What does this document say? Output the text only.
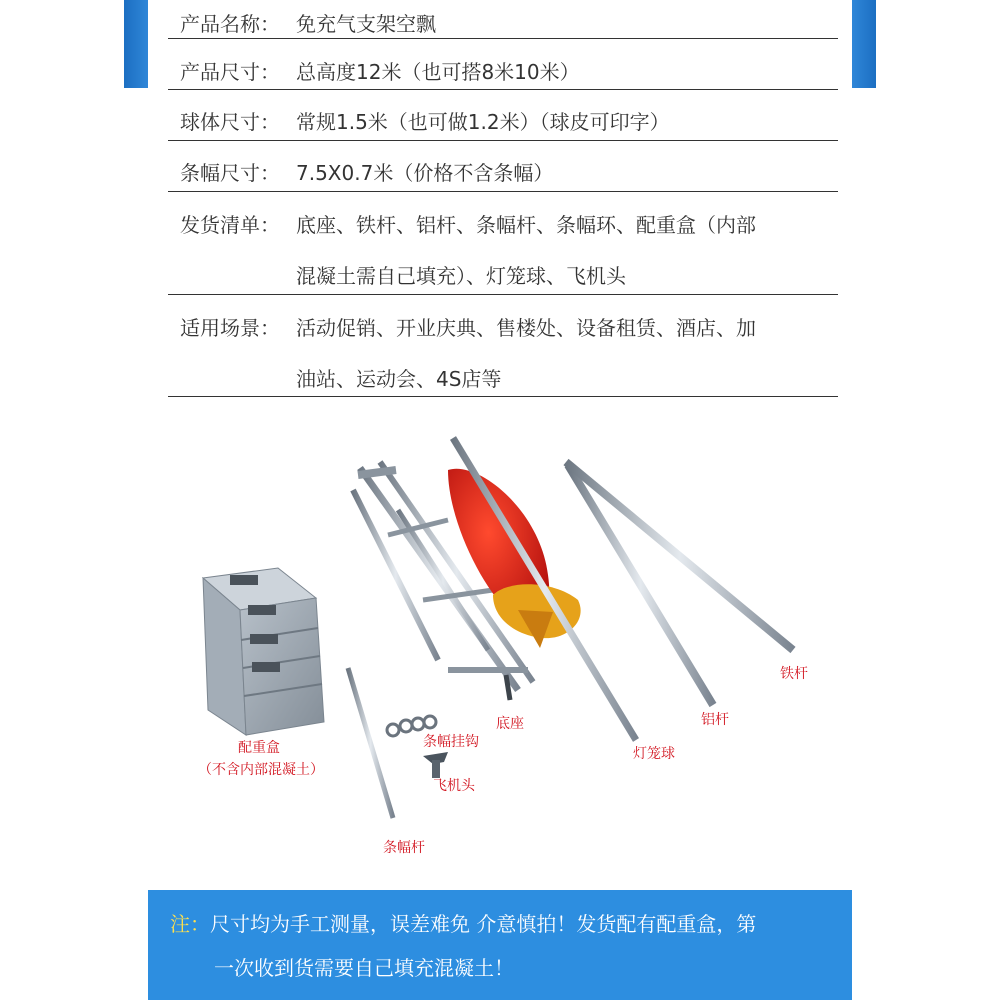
产品名称： 免充气支架空飘
产品尺寸： 总高度12米（也可搭8米10米）
球体尺寸： 常规1.5米（也可做1.2米）（球皮可印字）
条幅尺寸： 7.5X0.7米（价格不含条幅）
发货清单： 底座、铁杆、铝杆、条幅杆、条幅环、配重盒（内部
混凝土需自己填充）、灯笼球、飞机头
适用场景： 活动促销、开业庆典、售楼处、设备租赁、酒店、加
油站、运动会、4S店等
配重盒
（不含内部混凝土）
条幅挂钩
飞机头
条幅杆
底座
灯笼球
铝杆
铁杆
注：尺寸均为手工测量，误差难免 介意慎拍！发货配有配重盒，第
一次收到货需要自己填充混凝土！
